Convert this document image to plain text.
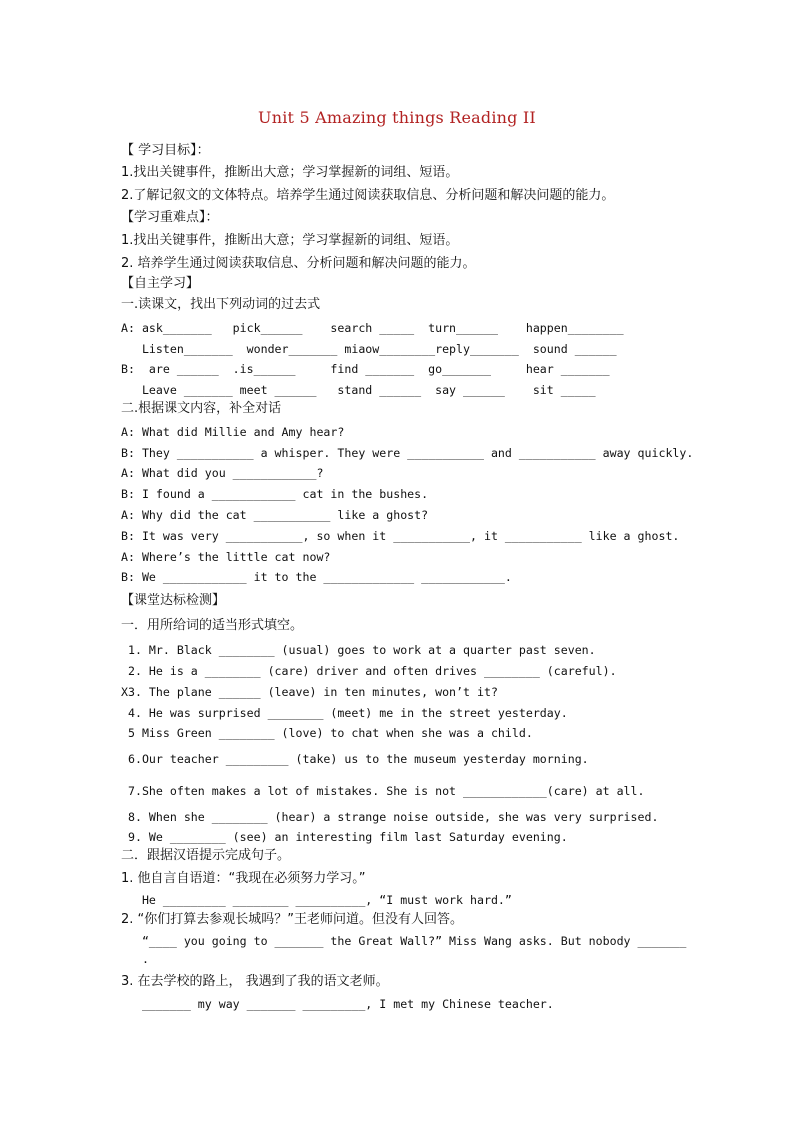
Unit 5 Amazing things Reading II
【 学习目标】：
1.找出关键事件，推断出大意；学习掌握新的词组、短语。
2.了解记叙文的文体特点。培养学生通过阅读获取信息、分析问题和解决问题的能力。
【学习重难点】：
1.找出关键事件，推断出大意；学习掌握新的词组、短语。
2. 培养学生通过阅读获取信息、分析问题和解决问题的能力。
【自主学习】
一.读课文，找出下列动词的过去式
A: ask_______   pick______    search _____  turn______    happen________
Listen_______  wonder_______ miaow________reply_______  sound ______
B:  are ______  .is______     find _______  go_______     hear _______
Leave _______ meet ______   stand ______  say ______    sit _____
二.根据课文内容，补全对话
A: What did Millie and Amy hear?
B: They ___________ a whisper. They were ___________ and ___________ away quickly.
A: What did you ____________?
B: I found a ____________ cat in the bushes.
A: Why did the cat ___________ like a ghost?
B: It was very ___________, so when it ___________, it ___________ like a ghost.
A: Where’s the little cat now?
B: We ____________ it to the _____________ ____________.
【课堂达标检测】
一．用所给词的适当形式填空。
1. Mr. Black ________ (usual) goes to work at a quarter past seven.
2. He is a ________ (care) driver and often drives ________ (careful).
X3. The plane ______ (leave) in ten minutes, won’t it?
4. He was surprised ________ (meet) me in the street yesterday.
5 Miss Green ________ (love) to chat when she was a child.
6.Our teacher _________ (take) us to the museum yesterday morning.
7.She often makes a lot of mistakes. She is not ____________(care) at all.
8. When she ________ (hear) a strange noise outside, she was very surprised.
9. We ________ (see) an interesting film last Saturday evening.
二．跟据汉语提示完成句子。
1. 他自言自语道：“我现在必须努力学习。”
He _________ ________ __________, “I must work hard.”
2. “你们打算去参观长城吗？”王老师问道。但没有人回答。
“____ you going to _______ the Great Wall?” Miss Wang asks. But nobody _______
.
3. 在去学校的路上， 我遇到了我的语文老师。
_______ my way _______ _________, I met my Chinese teacher.
